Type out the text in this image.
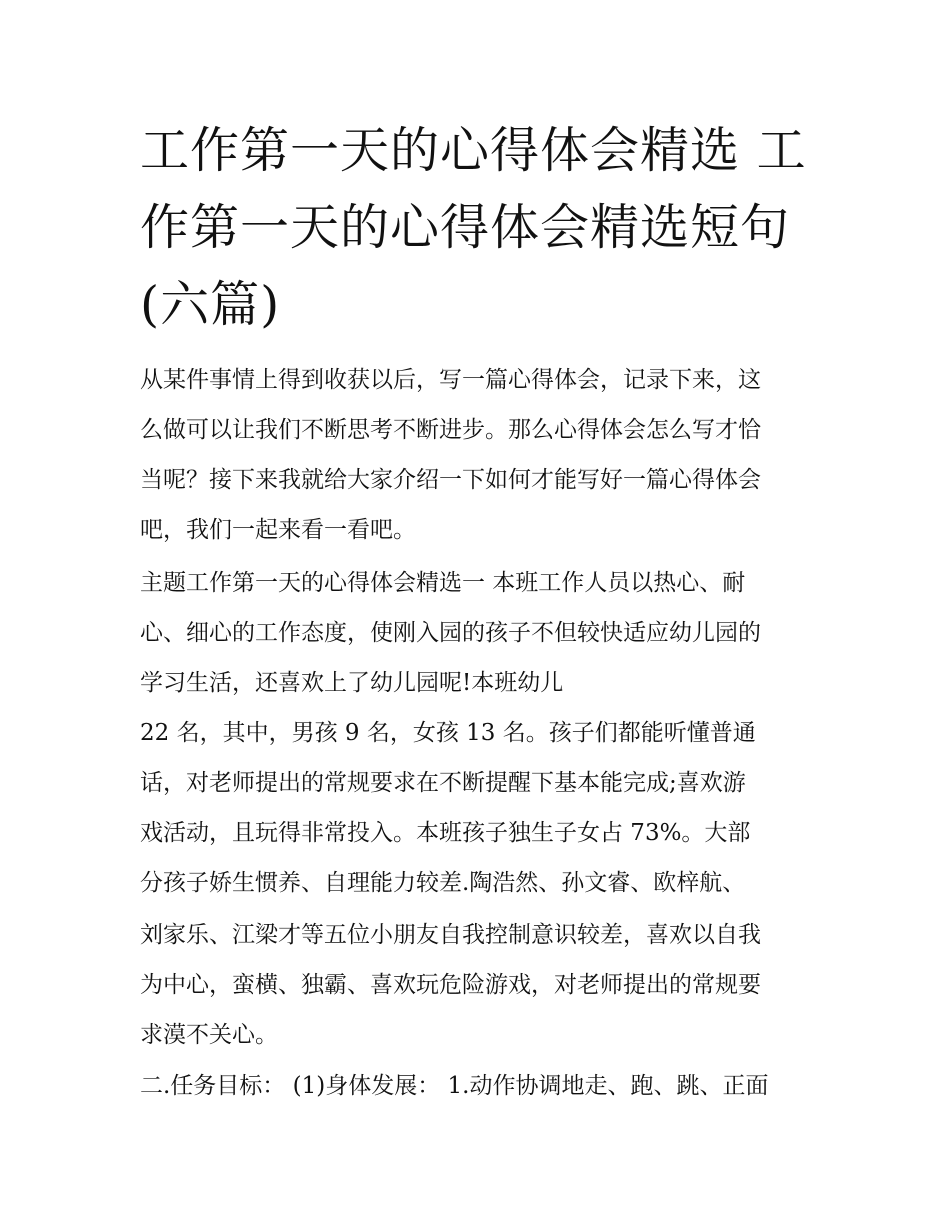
工作第一天的心得体会精选 工
作第一天的心得体会精选短句
(六篇)

从某件事情上得到收获以后，写一篇心得体会，记录下来，这

么做可以让我们不断思考不断进步。那么心得体会怎么写才恰

当呢？接下来我就给大家介绍一下如何才能写好一篇心得体会

吧，我们一起来看一看吧。

主题工作第一天的心得体会精选一 本班工作人员以热心、耐

心、细心的工作态度，使刚入园的孩子不但较快适应幼儿园的

学习生活，还喜欢上了幼儿园呢!本班幼儿

22 名，其中，男孩 9 名，女孩 13 名。孩子们都能听懂普通

话，对老师提出的常规要求在不断提醒下基本能完成;喜欢游

戏活动，且玩得非常投入。本班孩子独生子女占 73%。大部

分孩子娇生惯养、自理能力较差.陶浩然、孙文睿、欧梓航、

刘家乐、江梁才等五位小朋友自我控制意识较差，喜欢以自我

为中心，蛮横、独霸、喜欢玩危险游戏，对老师提出的常规要

求漠不关心。

二.任务目标： (1)身体发展： 1.动作协调地走、跑、跳、正面
